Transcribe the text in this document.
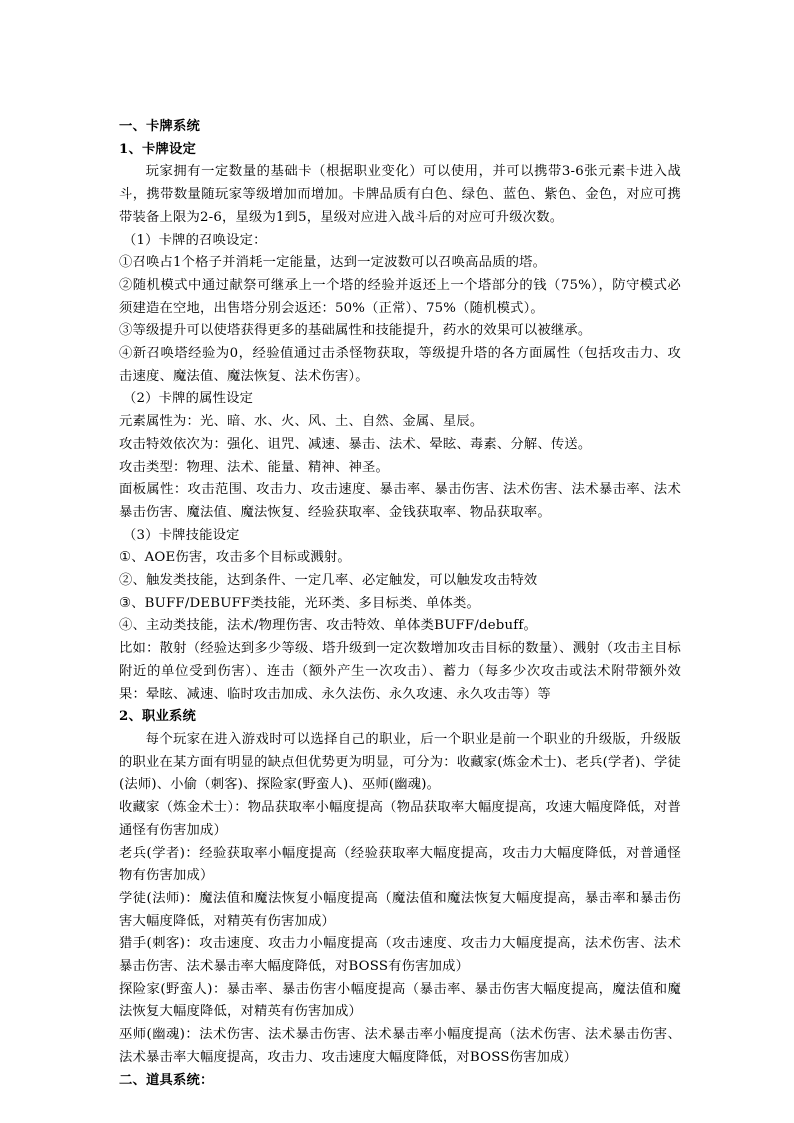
一、卡牌系统

1、卡牌设定

玩家拥有一定数量的基础卡（根据职业变化）可以使用，并可以携带3-6张元素卡进入战斗，携带数量随玩家等级增加而增加。卡牌品质有白色、绿色、蓝色、紫色、金色，对应可携带装备上限为2-6，星级为1到5，星级对应进入战斗后的对应可升级次数。

（1）卡牌的召唤设定：

①召唤占1个格子并消耗一定能量，达到一定波数可以召唤高品质的塔。

②随机模式中通过献祭可继承上一个塔的经验并返还上一个塔部分的钱（75%），防守模式必须建造在空地，出售塔分别会返还：50%（正常）、75%（随机模式）。

③等级提升可以使塔获得更多的基础属性和技能提升，药水的效果可以被继承。

④新召唤塔经验为0，经验值通过击杀怪物获取，等级提升塔的各方面属性（包括攻击力、攻击速度、魔法值、魔法恢复、法术伤害）。

（2）卡牌的属性设定

元素属性为：光、暗、水、火、风、土、自然、金属、星辰。

攻击特效依次为：强化、诅咒、减速、暴击、法术、晕眩、毒素、分解、传送。

攻击类型：物理、法术、能量、精神、神圣。

面板属性：攻击范围、攻击力、攻击速度、暴击率、暴击伤害、法术伤害、法术暴击率、法术暴击伤害、魔法值、魔法恢复、经验获取率、金钱获取率、物品获取率。

（3）卡牌技能设定

①、AOE伤害，攻击多个目标或溅射。

②、触发类技能，达到条件、一定几率、必定触发，可以触发攻击特效

③、BUFF/DEBUFF类技能，光环类、多目标类、单体类。

④、主动类技能，法术/物理伤害、攻击特效、单体类BUFF/debuff。

比如：散射（经验达到多少等级、塔升级到一定次数增加攻击目标的数量）、溅射（攻击主目标附近的单位受到伤害）、连击（额外产生一次攻击）、蓄力（每多少次攻击或法术附带额外效果：晕眩、减速、临时攻击加成、永久法伤、永久攻速、永久攻击等）等

2、职业系统

每个玩家在进入游戏时可以选择自己的职业，后一个职业是前一个职业的升级版，升级版的职业在某方面有明显的缺点但优势更为明显，可分为：收藏家(炼金术士)、老兵(学者)、学徒(法师)、小偷（刺客)、探险家(野蛮人)、巫师(幽魂)。

收藏家（炼金术士）：物品获取率小幅度提高（物品获取率大幅度提高，攻速大幅度降低，对普通怪有伤害加成）

老兵(学者)：经验获取率小幅度提高（经验获取率大幅度提高，攻击力大幅度降低，对普通怪物有伤害加成）

学徒(法师)：魔法值和魔法恢复小幅度提高（魔法值和魔法恢复大幅度提高，暴击率和暴击伤害大幅度降低，对精英有伤害加成）

猎手(刺客)：攻击速度、攻击力小幅度提高（攻击速度、攻击力大幅度提高，法术伤害、法术暴击伤害、法术暴击率大幅度降低，对BOSS有伤害加成）

探险家(野蛮人)：暴击率、暴击伤害小幅度提高（暴击率、暴击伤害大幅度提高，魔法值和魔法恢复大幅度降低，对精英有伤害加成）

巫师(幽魂)：法术伤害、法术暴击伤害、法术暴击率小幅度提高（法术伤害、法术暴击伤害、法术暴击率大幅度提高，攻击力、攻击速度大幅度降低，对BOSS伤害加成）

二、道具系统：
